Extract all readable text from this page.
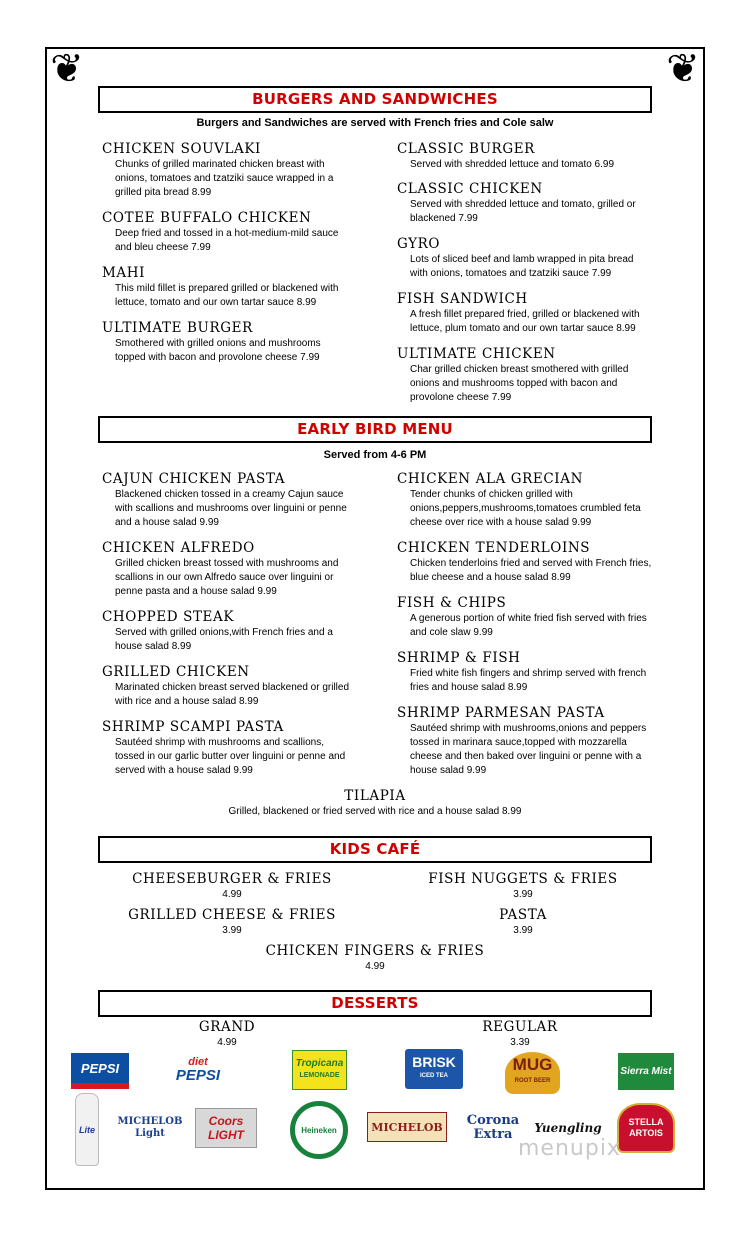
❦	❦
BURGERS AND SANDWICHES
Burgers and Sandwiches are served with French fries and Cole salw
CHICKEN SOUVLAKI
Chunks of grilled marinated chicken breast with onions, tomatoes and tzatziki sauce wrapped in a grilled pita bread 8.99
COTEE BUFFALO CHICKEN
Deep fried and tossed in a hot-medium-mild sauce and bleu cheese 7.99
MAHI
This mild fillet is prepared grilled or blackened with lettuce, tomato and our own tartar sauce 8.99
ULTIMATE BURGER
Smothered with grilled onions and mushrooms topped with bacon and provolone cheese 7.99
CLASSIC BURGER
Served with shredded lettuce and tomato 6.99
CLASSIC CHICKEN
Served with shredded lettuce and tomato, grilled or blackened 7.99
GYRO
Lots of sliced beef and lamb wrapped in pita bread with onions, tomatoes and tzatziki sauce 7.99
FISH SANDWICH
A fresh fillet prepared fried, grilled or blackened with lettuce, plum tomato and our own tartar sauce 8.99
ULTIMATE CHICKEN
Char grilled chicken breast smothered with grilled onions and mushrooms topped with bacon and provolone cheese 7.99
EARLY BIRD MENU
Served from 4-6 PM
CAJUN CHICKEN PASTA
Blackened chicken tossed in a creamy Cajun sauce with scallions and mushrooms over linguini or penne and a house salad 9.99
CHICKEN ALFREDO
Grilled chicken breast tossed with mushrooms and scallions in our own Alfredo sauce over linguini or penne pasta and a house salad 9.99
CHOPPED STEAK
Served with grilled onions,with French fries and a house salad 8.99
GRILLED CHICKEN
Marinated chicken breast served blackened or grilled with rice and a house salad 8.99
SHRIMP SCAMPI PASTA
Sautéed shrimp with mushrooms and scallions, tossed in our garlic butter over linguini or penne and served with a house salad 9.99
CHICKEN ALA GRECIAN
Tender chunks of chicken grilled with onions,peppers,mushrooms,tomatoes crumbled feta cheese over rice with a house salad 9.99
CHICKEN TENDERLOINS
Chicken tenderloins fried and served with French fries, blue cheese and a house salad 8.99
FISH & CHIPS
A generous portion of white fried fish served with fries and cole slaw 9.99
SHRIMP & FISH
Fried white fish fingers and shrimp served with french fries and house salad 8.99
SHRIMP PARMESAN PASTA
Sautéed shrimp with mushrooms,onions and peppers tossed in marinara sauce,topped with mozzarella cheese and then baked over linguini or penne with a house salad 9.99
TILAPIA
Grilled, blackened or fried served with rice and a house salad 8.99
KIDS CAFÉ
CHEESEBURGER & FRIES
4.99
FISH NUGGETS & FRIES
3.99
GRILLED CHEESE & FRIES
3.99
PASTA
3.99
CHICKEN FINGERS & FRIES
4.99
DESSERTS
GRAND
4.99
REGULAR
3.39
PEPSI	diet
PEPSI
Tropicana
LEMONADE
BRISK
ICED TEA
MUG
ROOT BEER
Sierra Mist
Lite
MICHELOB Light
Coors LIGHT	Heineken	MICHELOB	Corona Extra	Yuengling	STELLA ARTOIS
menupix
